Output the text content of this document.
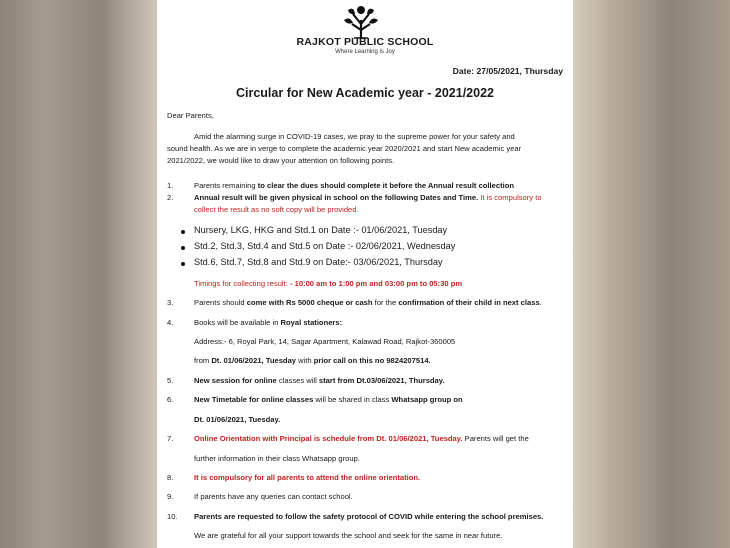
RAJKOT PUBLIC SCHOOL
Where Learning is Joy
Date: 27/05/2021, Thursday
Circular for New Academic year - 2021/2022
Dear Parents,
Amid the alarming surge in COVID-19 cases, we pray to the supreme power for your safety and
sound health. As we are in verge to complete the academic year 2020/2021 and start New academic year
2021/2022, we would like to draw your attention on following points.
1.	Parents remaining to clear the dues should complete it before the Annual result collection
2.	Annual result will be given physical in school on the following Dates and Time. It is compulsory to
collect the result as no soft copy will be provided.
Nursery, LKG, HKG and Std.1 on Date :- 01/06/2021, Tuesday
Std.2, Std.3, Std.4 and Std.5 on Date :- 02/06/2021, Wednesday
Std.6, Std.7, Std.8 and Std.9 on Date:- 03/06/2021, Thursday
Timings for collecting result: - 10:00 am to 1:00 pm and 03:00 pm to 05:30 pm
3.	Parents should come with Rs 5000 cheque or cash for the confirmation of their child in next class.
4.	Books will be available in Royal stationers:
Address:- 6, Royal Park, 14, Sagar Apartment, Kalawad Road, Rajkot-360005
from Dt. 01/06/2021, Tuesday with prior call on this no 9824207514.
5.	New session for online classes will start from Dt.03/06/2021, Thursday.
6.	New Timetable for online classes will be shared in class Whatsapp group on
Dt. 01/06/2021, Tuesday.
7.	Online Orientation with Principal is schedule from Dt. 01/06/2021, Tuesday. Parents will get the
further information in their class Whatsapp group.
8.	It is compulsory for all parents to attend the online orientation.
9.	If parents have any queries can contact school.
10. Parents are requested to follow the safety protocol of COVID while entering the school premises.
We are grateful for all your support towards the school and seek for the same in near future.
